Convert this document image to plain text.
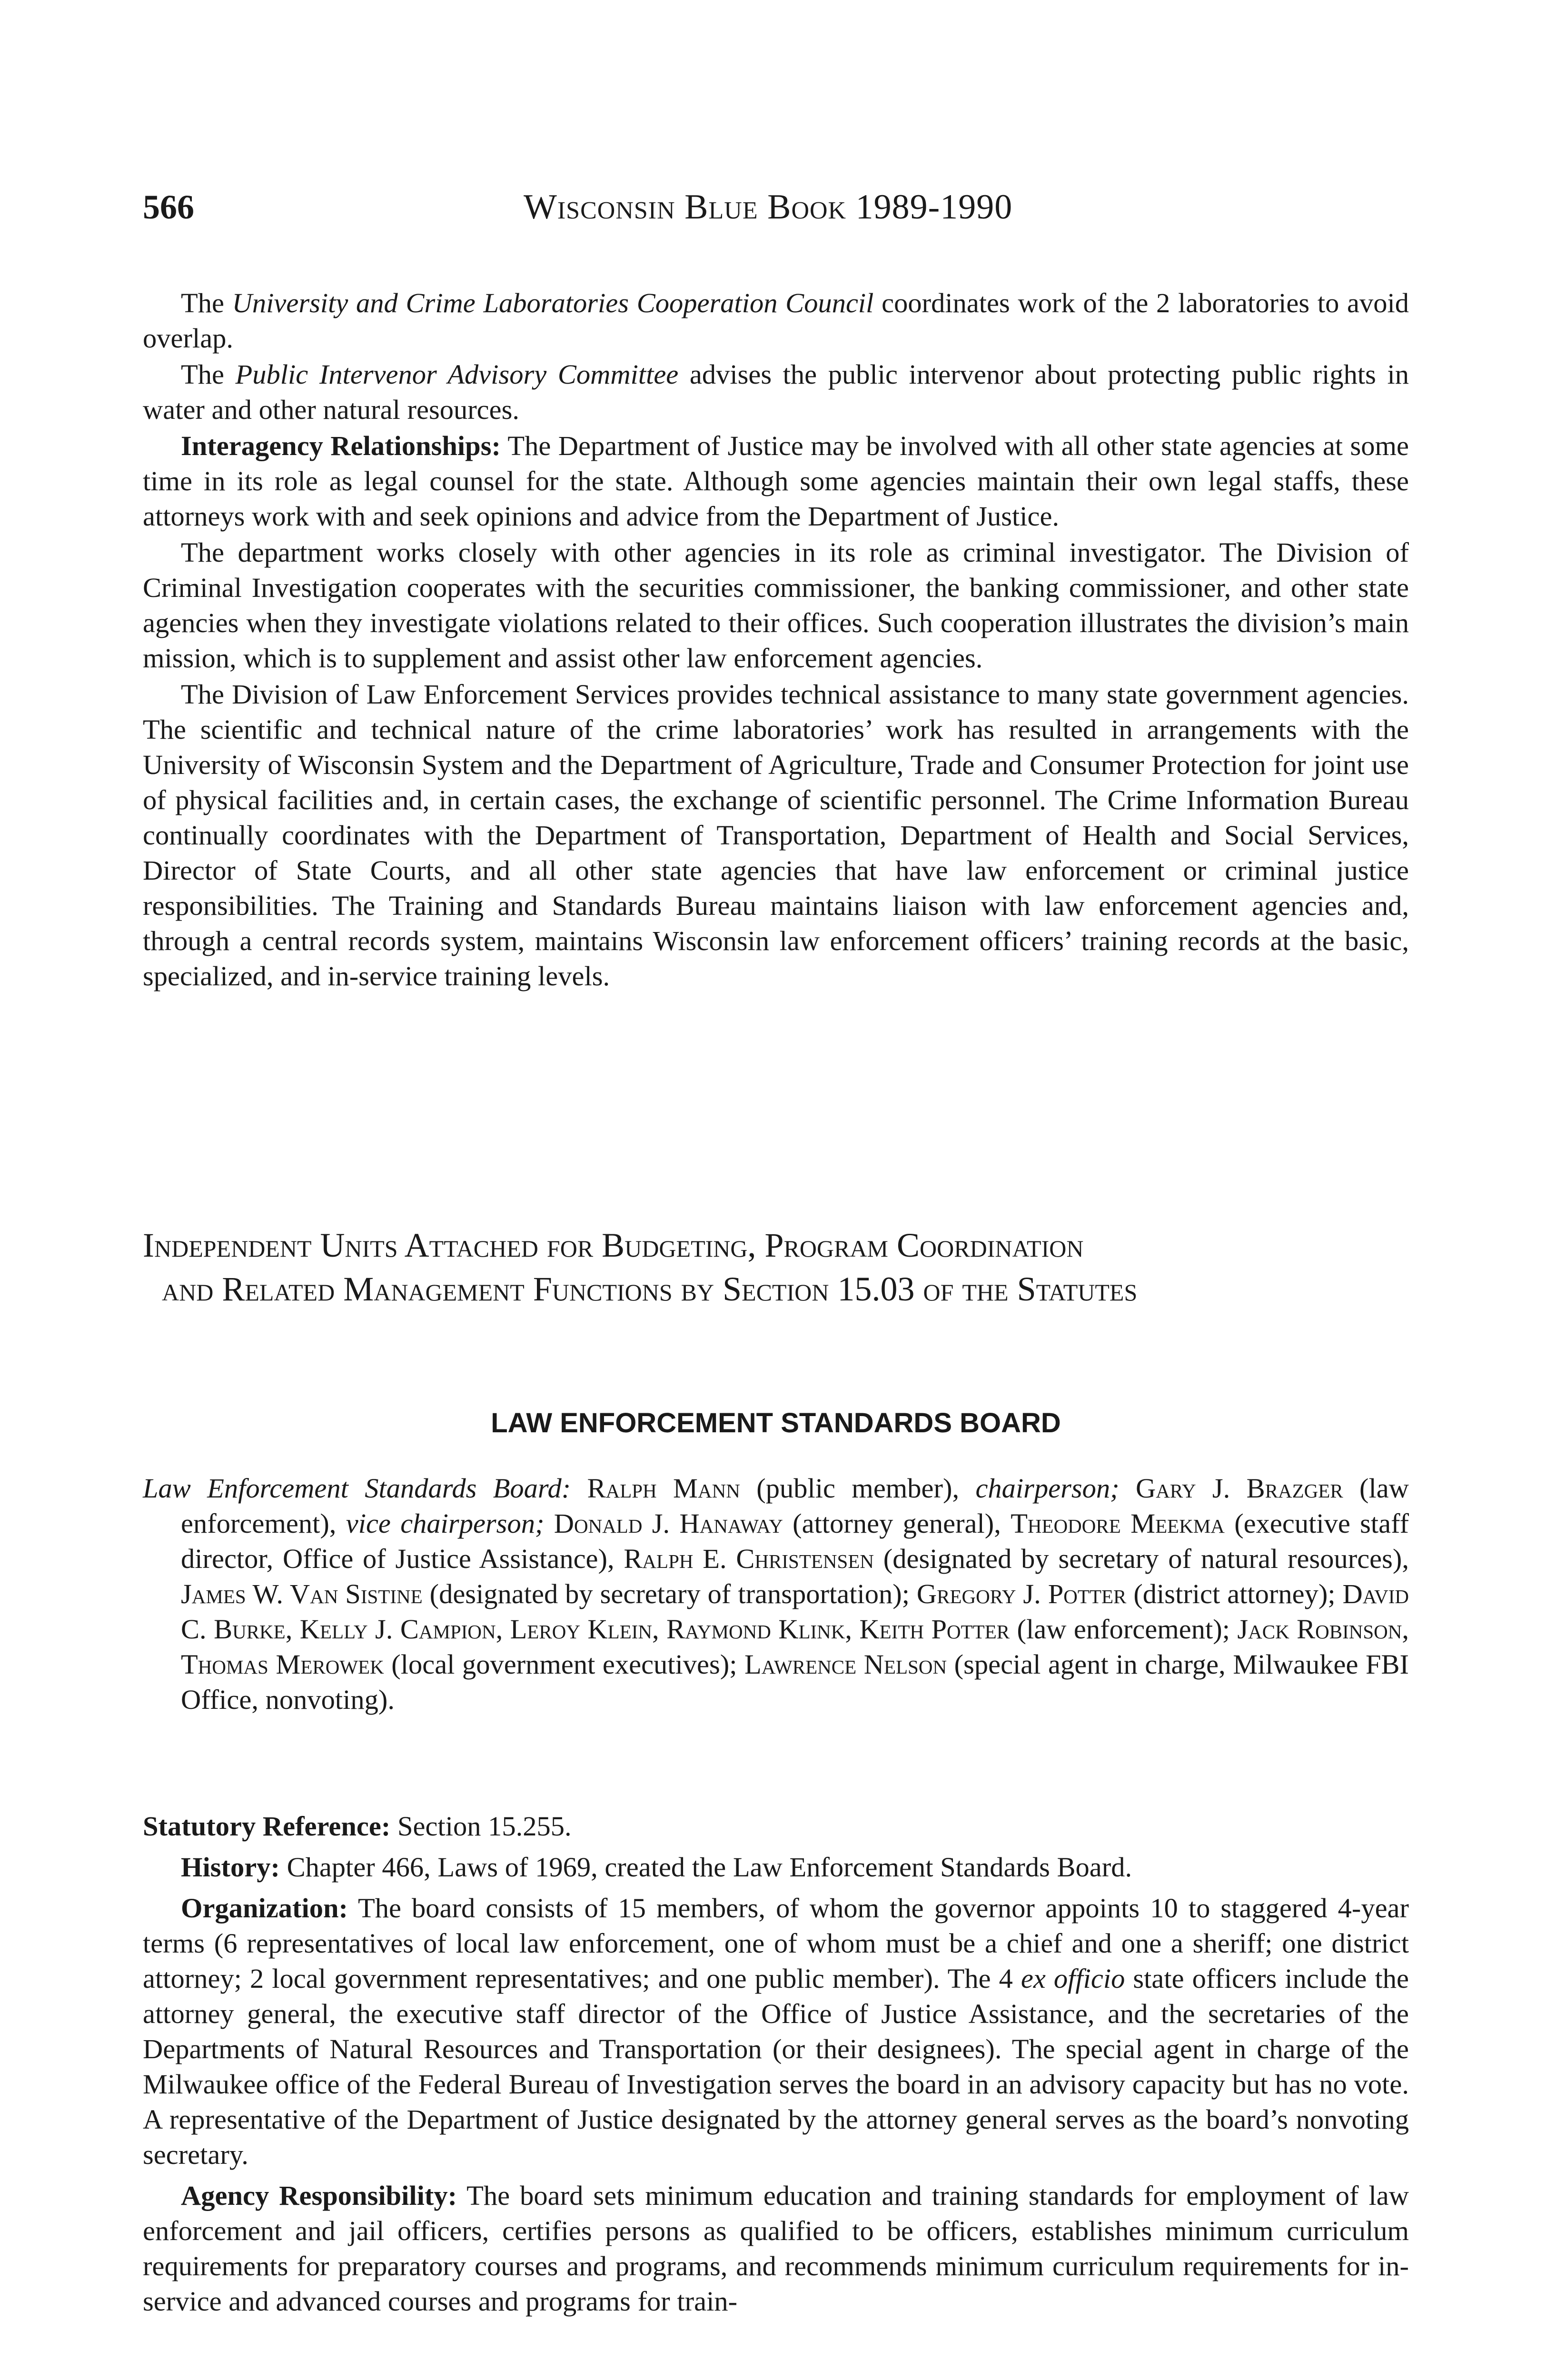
566	Wisconsin Blue Book 1989-1990

The University and Crime Laboratories Cooperation Council coordinates work of the 2 laboratories to avoid overlap.

The Public Intervenor Advisory Committee advises the public intervenor about protecting public rights in water and other natural resources.

Interagency Relationships: The Department of Justice may be involved with all other state agencies at some time in its role as legal counsel for the state. Although some agencies maintain their own legal staffs, these attorneys work with and seek opinions and advice from the Department of Justice.

The department works closely with other agencies in its role as criminal investigator. The Division of Criminal Investigation cooperates with the securities commissioner, the banking commissioner, and other state agencies when they investigate violations related to their offices. Such cooperation illustrates the division’s main mission, which is to supplement and assist other law enforcement agencies.

The Division of Law Enforcement Services provides technical assistance to many state government agencies. The scientific and technical nature of the crime laboratories’ work has resulted in arrangements with the University of Wisconsin System and the Department of Agriculture, Trade and Consumer Protection for joint use of physical facilities and, in certain cases, the exchange of scientific personnel. The Crime Information Bureau continually coordinates with the Department of Transportation, Department of Health and Social Services, Director of State Courts, and all other state agencies that have law enforcement or criminal justice responsibilities. The Training and Standards Bureau maintains liaison with law enforcement agencies and, through a central records system, maintains Wisconsin law enforcement officers’ training records at the basic, specialized, and in-service training levels.

Independent Units Attached for Budgeting, Program Coordination
and Related Management Functions by Section 15.03 of the Statutes
LAW ENFORCEMENT STANDARDS BOARD
Law Enforcement Standards Board: Ralph Mann (public member), chairperson; Gary J. Brazger (law enforcement), vice chairperson; Donald J. Hanaway (attorney general), Theodore Meekma (executive staff director, Office of Justice Assistance), Ralph E. Christensen (designated by secretary of natural resources), James W. Van Sistine (designated by secretary of transportation); Gregory J. Potter (district attorney); David C. Burke, Kelly J. Campion, Leroy Klein, Raymond Klink, Keith Potter (law enforcement); Jack Robinson, Thomas Merowek (local government executives); Lawrence Nelson (special agent in charge, Milwaukee FBI Office, nonvoting).

Statutory Reference: Section 15.255.

History: Chapter 466, Laws of 1969, created the Law Enforcement Standards Board.

Organization: The board consists of 15 members, of whom the governor appoints 10 to staggered 4-year terms (6 representatives of local law enforcement, one of whom must be a chief and one a sheriff; one district attorney; 2 local government representatives; and one public member). The 4 ex officio state officers include the attorney general, the executive staff director of the Office of Justice Assistance, and the secretaries of the Departments of Natural Resources and Transportation (or their designees). The special agent in charge of the Milwaukee office of the Federal Bureau of Investigation serves the board in an advisory capacity but has no vote. A representative of the Department of Justice designated by the attorney general serves as the board’s nonvoting secretary.

Agency Responsibility: The board sets minimum education and training standards for employment of law enforcement and jail officers, certifies persons as qualified to be officers, establishes minimum curriculum requirements for preparatory courses and programs, and recommends minimum curriculum requirements for in-service and advanced courses and programs for train-
